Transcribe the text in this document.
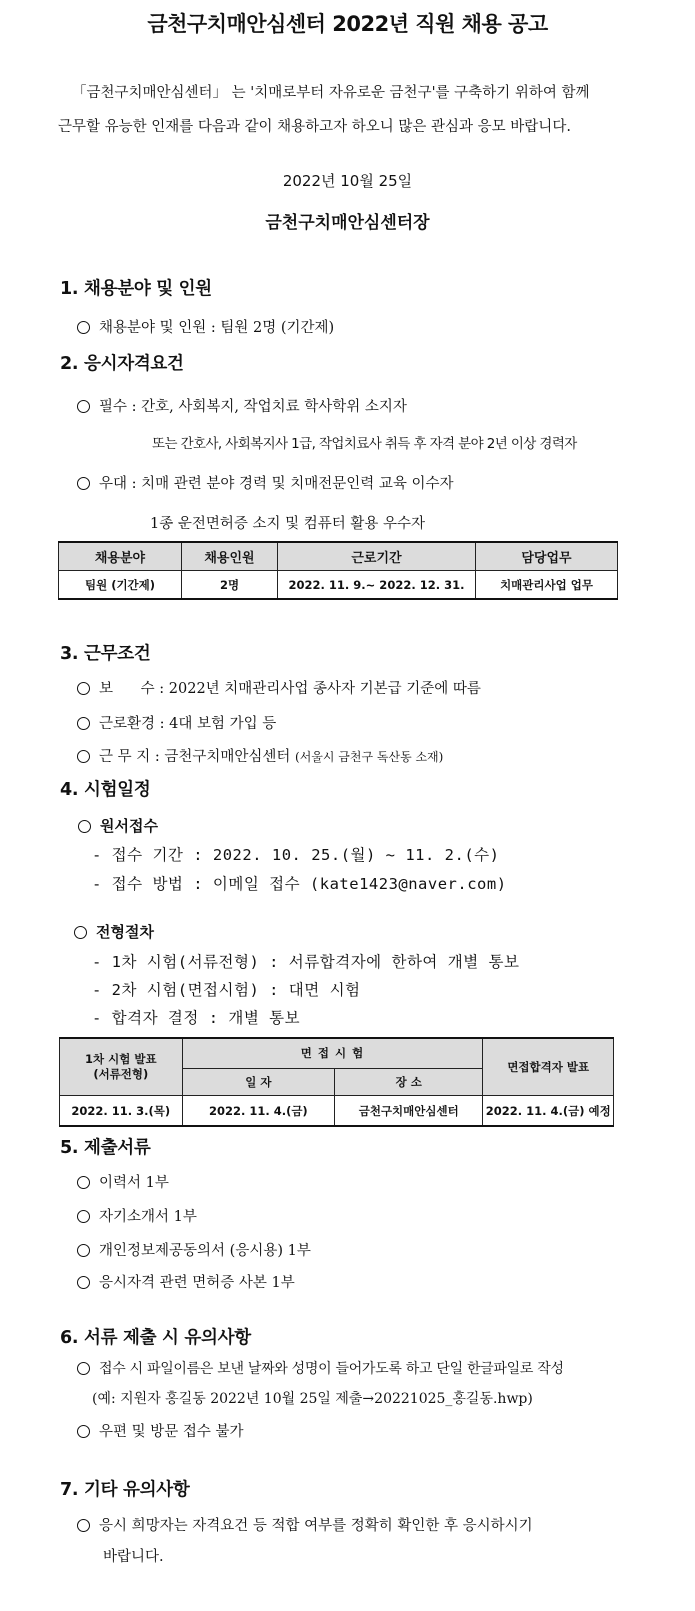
금천구치매안심센터 2022년 직원 채용 공고
「금천구치매안심센터」 는 '치매로부터 자유로운 금천구'를 구축하기 위하여 함께
근무할 유능한 인재를 다음과 같이 채용하고자 하오니 많은 관심과 응모 바랍니다.
2022년 10월 25일
금천구치매안심센터장
1. 채용분야 및 인원
채용분야 및 인원 : 팀원 2명 (기간제)
2. 응시자격요건
필수 : 간호, 사회복지, 작업치료 학사학위 소지자
또는 간호사, 사회복지사 1급, 작업치료사 취득 후 자격 분야 2년 이상 경력자
우대 : 치매 관련 분야 경력 및 치매전문인력 교육 이수자
1종 운전면허증 소지 및 컴퓨터 활용 우수자
채용분야	채용인원	근로기간	담당업무
팀원 (기간제)	2명	2022. 11. 9.~ 2022. 12. 31.	치매관리사업 업무
3. 근무조건
보      수 : 2022년 치매관리사업 종사자 기본급 기준에 따름
근로환경 : 4대 보험 가입 등
근 무 지 : 금천구치매안심센터 (서울시 금천구 독산동 소재)
4. 시험일정
원서접수
- 접수 기간 : 2022. 10. 25.(월) ~ 11. 2.(수)
- 접수 방법 : 이메일 접수 (kate1423@naver.com)
전형절차
- 1차 시험(서류전형) : 서류합격자에 한하여 개별 통보
- 2차 시험(면접시험) : 대면 시험
- 합격자 결정 : 개별 통보
1차 시험 발표
(서류전형)	면 접 시 험		면접합격자 발표
	일 자	장 소	
2022. 11. 3.(목)	2022. 11. 4.(금)	금천구치매안심센터	2022. 11. 4.(금) 예정
5. 제출서류
이력서 1부
자기소개서 1부
개인정보제공동의서 (응시용) 1부
응시자격 관련 면허증 사본 1부
6. 서류 제출 시 유의사항
접수 시 파일이름은 보낸 날짜와 성명이 들어가도록 하고 단일 한글파일로 작성
(예: 지원자 홍길동 2022년 10월 25일 제출→20221025_홍길동.hwp)
우편 및 방문 접수 불가
7. 기타 유의사항
응시 희망자는 자격요건 등 적합 여부를 정확히 확인한 후 응시하시기
바랍니다.
